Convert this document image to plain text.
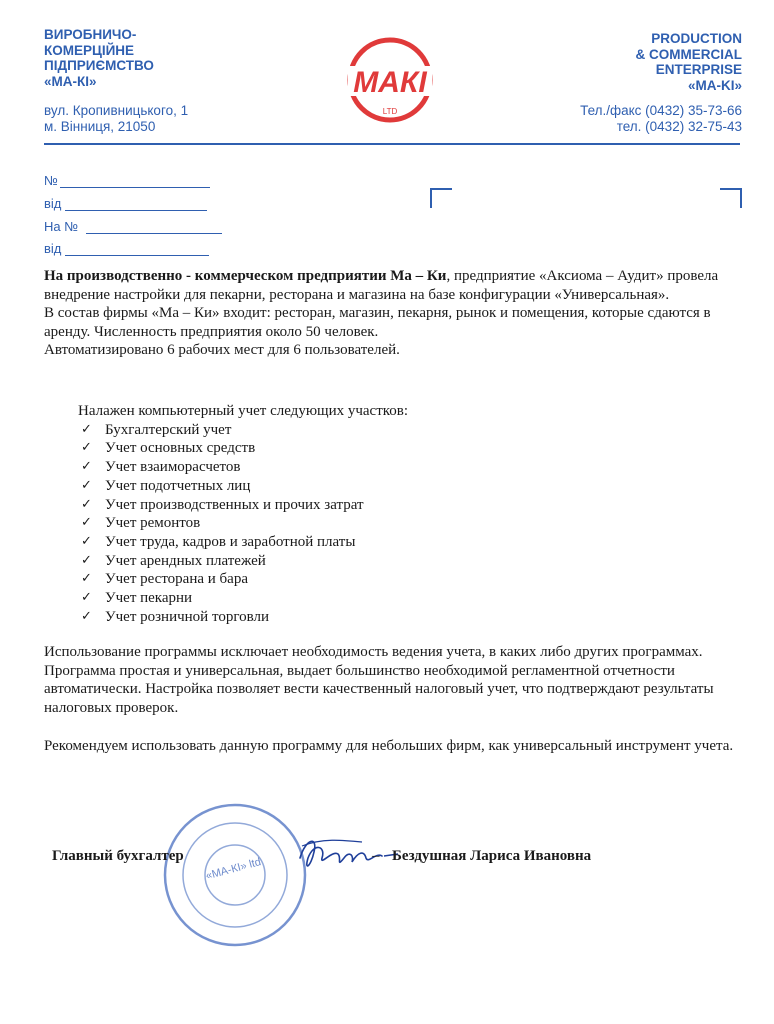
ВИРОБНИЧО-
КОМЕРЦІЙНЕ
ПІДПРИЄМСТВО
«МА-КІ»
вул. Кропивницького, 1
м. Вінниця, 21050
МАКІ
LTD
PRODUCTION
& COMMERCIAL
ENTERPRISE
«MA-KI»
Тел./факс (0432) 35-73-66
тел. (0432) 32-75-43
№
від
На №
від
На производственно - коммерческом предприятии Ма – Ки, предприятие «Аксиома – Аудит» провела внедрение настройки для пекарни, ресторана и магазина на базе конфигурации «Универсальная».
В состав фирмы «Ма – Ки» входит: ресторан, магазин, пекарня, рынок и помещения, которые сдаются в аренду. Численность предприятия около 50 человек.
Автоматизировано 6 рабочих мест для 6 пользователей.
Налажен компьютерный учет следующих участков:
✓ Бухгалтерский учет
✓ Учет основных средств
✓ Учет взаиморасчетов
✓ Учет подотчетных лиц
✓ Учет производственных и прочих затрат
✓ Учет ремонтов
✓ Учет труда, кадров и заработной платы
✓ Учет арендных платежей
✓ Учет ресторана и бара
✓ Учет пекарни
✓ Учет розничной торговли
Использование программы исключает необходимость ведения учета, в каких либо других программах. Программа простая и универсальная, выдает большинство необходимой регламентной отчетности автоматически. Настройка позволяет вести качественный налоговый учет, что подтверждают результаты налоговых проверок.
Рекомендуем использовать данную программу для небольших фирм, как универсальный инструмент учета.
«МА-КІ» ltd
Главный бухгалтер	– Бездушная Лариса Ивановна
